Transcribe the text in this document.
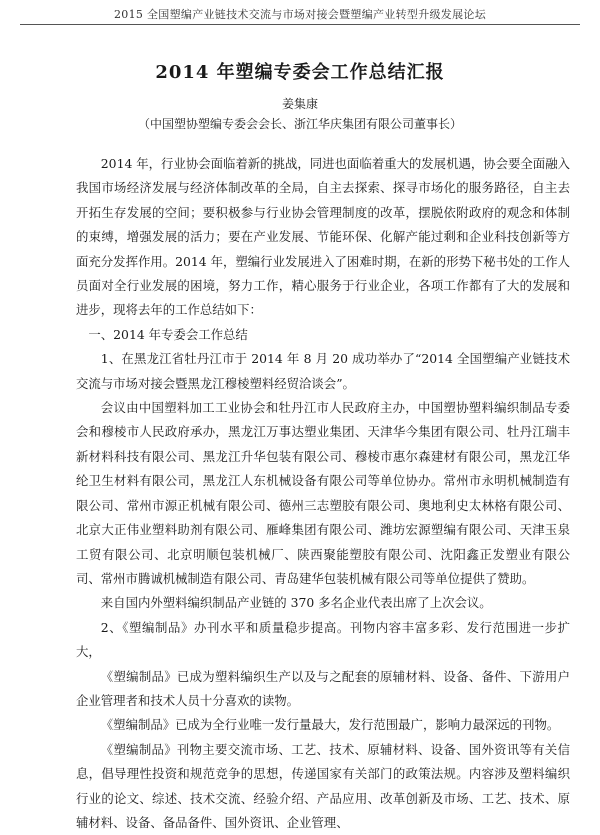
2015 全国塑编产业链技术交流与市场对接会暨塑编产业转型升级发展论坛
2014 年塑编专委会工作总结汇报
姜集康
（中国塑协塑编专委会会长、浙江华庆集团有限公司董事长）

2014 年，行业协会面临着新的挑战，同进也面临着重大的发展机遇，协会要全面融入我国市场经济发展与经济体制改革的全局，自主去探索、探寻市场化的服务路径，自主去开拓生存发展的空间；要积极参与行业协会管理制度的改革，摆脱依附政府的观念和体制的束缚，增强发展的活力；要在产业发展、节能环保、化解产能过剩和企业科技创新等方面充分发挥作用。2014 年，塑编行业发展进入了困难时期，在新的形势下秘书处的工作人员面对全行业发展的困境，努力工作，精心服务于行业企业，各项工作都有了大的发展和进步，现将去年的工作总结如下：

一、2014 年专委会工作总结

1、在黑龙江省牡丹江市于 2014 年 8 月 20 成功举办了“2014 全国塑编产业链技术交流与市场对接会暨黑龙江穆棱塑料经贸洽谈会”。

会议由中国塑料加工工业协会和牡丹江市人民政府主办，中国塑协塑料编织制品专委会和穆棱市人民政府承办，黑龙江万事达塑业集团、天津华今集团有限公司、牡丹江瑞丰新材料科技有限公司、黑龙江升华包装有限公司、穆棱市惠尔森建材有限公司，黑龙江华纶卫生材料有限公司，黑龙江人东机械设备有限公司等单位协办。常州市永明机械制造有限公司、常州市源正机械有限公司、德州三志塑胶有限公司、奥地利史太林格有限公司、北京大正伟业塑料助剂有限公司、雁峰集团有限公司、潍坊宏源塑编有限公司、天津玉泉工贸有限公司、北京明顺包装机械厂、陕西聚能塑胶有限公司、沈阳鑫正发塑业有限公司、常州市腾诚机械制造有限公司、青岛建华包装机械有限公司等单位提供了赞助。

来自国内外塑料编织制品产业链的 370 多名企业代表出席了上次会议。

2、《塑编制品》办刊水平和质量稳步提高。刊物内容丰富多彩、发行范围进一步扩大，

《塑编制品》已成为塑料编织生产以及与之配套的原辅材料、设备、备件、下游用户企业管理者和技术人员十分喜欢的读物。

《塑编制品》已成为全行业唯一发行量最大，发行范围最广，影响力最深远的刊物。

《塑编制品》刊物主要交流市场、工艺、技术、原辅材料、设备、国外资讯等有关信息，倡导理性投资和规范竞争的思想，传递国家有关部门的政策法规。内容涉及塑料编织行业的论文、综述、技术交流、经验介绍、产品应用、改革创新及市场、工艺、技术、原辅材料、设备、备品备件、国外资讯、企业管理、
